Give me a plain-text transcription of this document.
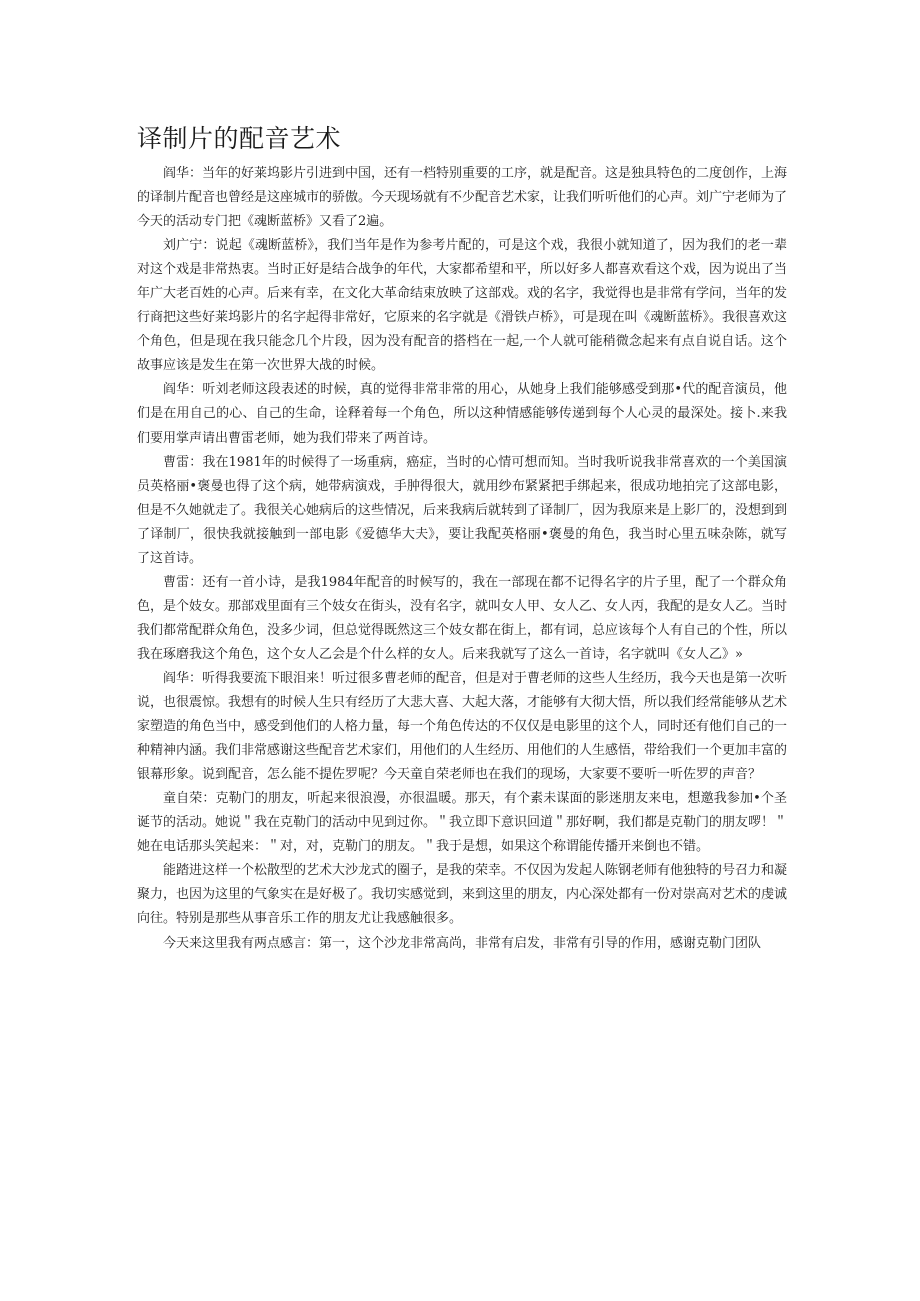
译制片的配音艺术

阎华：当年的好莱坞影片引进到中国，还有一档特别重要的工序，就是配音。这是独具特色的二度创作，上海的译制片配音也曾经是这座城市的骄傲。今天现场就有不少配音艺术家，让我们听听他们的心声。刘广宁老师为了今天的活动专门把《魂断蓝桥》又看了2遍。

刘广宁：说起《魂断蓝桥》，我们当年是作为参考片配的，可是这个戏，我很小就知道了，因为我们的老一辈对这个戏是非常热衷。当时正好是结合战争的年代，大家都希望和平，所以好多人都喜欢看这个戏，因为说出了当年广大老百姓的心声。后来有幸，在文化大革命结束放映了这部戏。戏的名字，我觉得也是非常有学问，当年的发行商把这些好莱坞影片的名字起得非常好，它原来的名字就是《滑铁卢桥》，可是现在叫《魂断蓝桥》。我很喜欢这个角色，但是现在我只能念几个片段，因为没有配音的搭档在一起,一个人就可能稍微念起来有点自说自话。这个故事应该是发生在第一次世界大战的时候。

阎华：听刘老师这段表述的时候，真的觉得非常非常的用心，从她身上我们能够感受到那•代的配音演员，他们是在用自己的心、自己的生命，诠释着每一个角色，所以这种情感能够传递到每个人心灵的最深处。接卜.来我们要用掌声请出曹雷老师，她为我们带来了两首诗。

曹雷：我在1981年的时候得了一场重病，癌症，当时的心情可想而知。当时我听说我非常喜欢的一个美国演员英格丽•褒曼也得了这个病，她带病演戏，手肿得很大，就用纱布紧紧把手绑起来，很成功地拍完了这部电影，但是不久她就走了。我很关心她病后的这些情况，后来我病后就转到了译制厂，因为我原来是上影厂的，没想到到了译制厂，很快我就接触到一部电影《爱德华大夫》，要让我配英格丽•褒曼的角色，我当时心里五味杂陈，就写了这首诗。

曹雷：还有一首小诗，是我1984年配音的时候写的，我在一部现在都不记得名字的片子里，配了一个群众角色，是个妓女。那部戏里面有三个妓女在街头，没有名字，就叫女人甲、女人乙、女人丙，我配的是女人乙。当时我们都常配群众角色，没多少词，但总觉得既然这三个妓女都在街上，都有词，总应该每个人有自己的个性，所以我在琢磨我这个角色，这个女人乙会是个什么样的女人。后来我就写了这么一首诗，名字就叫《女人乙》»

阎华：听得我要流下眼泪来！听过很多曹老师的配音，但是对于曹老师的这些人生经历，我今天也是第一次听说，也很震惊。我想有的时候人生只有经历了大悲大喜、大起大落，才能够有大彻大悟，所以我们经常能够从艺术家塑造的角色当中，感受到他们的人格力量，每一个角色传达的不仅仅是电影里的这个人，同时还有他们自己的一种精神内涵。我们非常感谢这些配音艺术家们，用他们的人生经历、用他们的人生感悟，带给我们一个更加丰富的银幕形象。说到配音，怎么能不提佐罗呢？今天童自荣老师也在我们的现场，大家要不要听一听佐罗的声音？

童自荣：克勒门的朋友，听起来很浪漫，亦很温暖。那天，有个素未谋面的影迷朋友来电，想邀我参加•个圣诞节的活动。她说＂我在克勒门的活动中见到过你。＂我立即下意识回道＂那好啊，我们都是克勒门的朋友啰！＂她在电话那头笑起来：＂对，对，克勒门的朋友。＂我于是想，如果这个称谓能传播开来倒也不错。

能踏进这样一个松散型的艺术大沙龙式的圈子，是我的荣幸。不仅因为发起人陈钢老师有他独特的号召力和凝聚力，也因为这里的气象实在是好极了。我切实感觉到，来到这里的朋友，内心深处都有一份对崇高对艺术的虔诚向往。特别是那些从事音乐工作的朋友尤让我感触很多。

今天来这里我有两点感言：第一，这个沙龙非常高尚，非常有启发，非常有引导的作用，感谢克勒门团队
